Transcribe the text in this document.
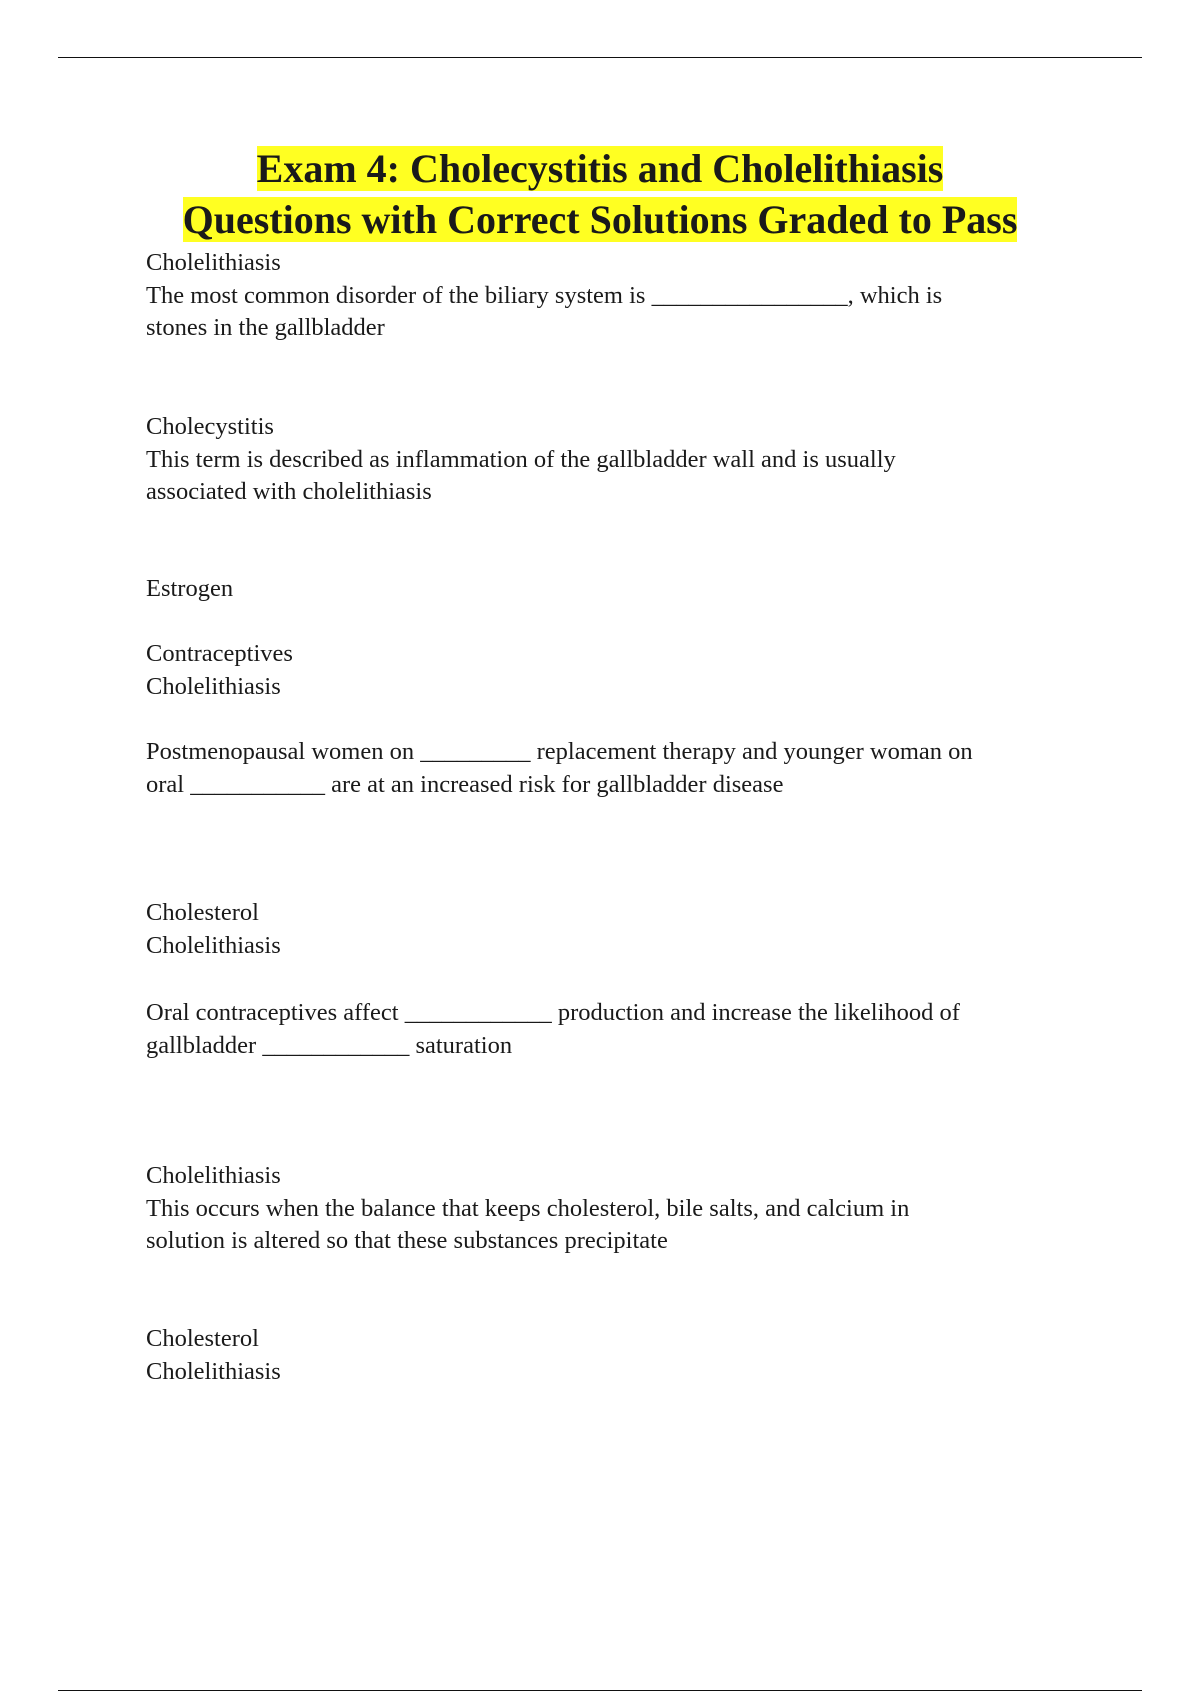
Exam 4: Cholecystitis and Cholelithiasis
Questions with Correct Solutions Graded to Pass
Cholelithiasis
The most common disorder of the biliary system is ________________, which is
stones in the gallbladder
Cholecystitis
This term is described as inflammation of the gallbladder wall and is usually
associated with cholelithiasis
Estrogen
Contraceptives
Cholelithiasis
Postmenopausal women on _________ replacement therapy and younger woman on
oral ___________ are at an increased risk for gallbladder disease
Cholesterol
Cholelithiasis
Oral contraceptives affect ____________ production and increase the likelihood of
gallbladder ____________ saturation
Cholelithiasis
This occurs when the balance that keeps cholesterol, bile salts, and calcium in
solution is altered so that these substances precipitate
Cholesterol
Cholelithiasis
